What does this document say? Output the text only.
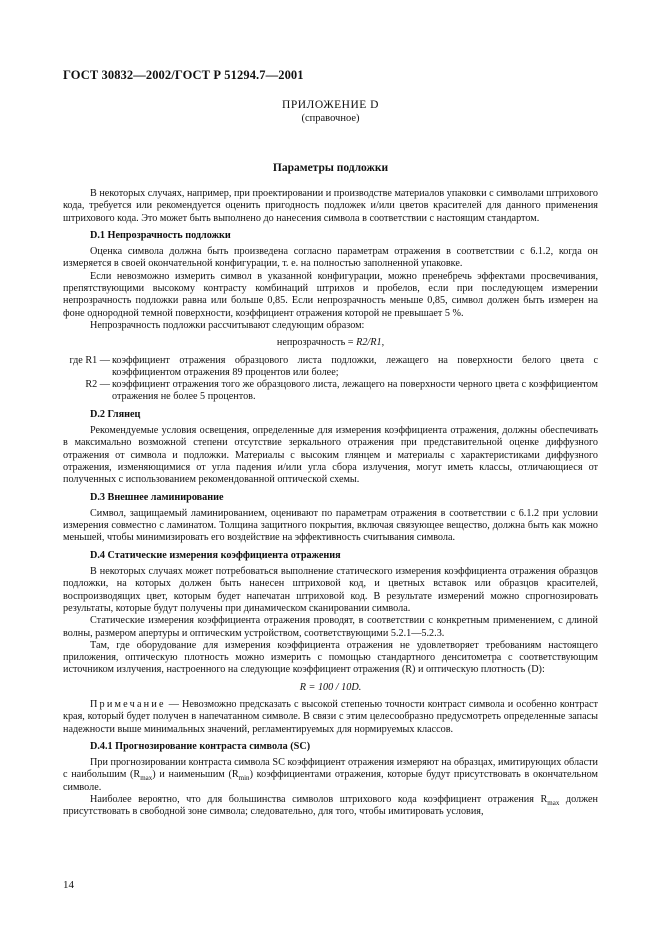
ГОСТ 30832—2002/ГОСТ Р 51294.7—2001
ПРИЛОЖЕНИЕ D
(справочное)
Параметры подложки

В некоторых случаях, например, при проектировании и производстве материалов упаковки с символами штрихового кода, требуется или рекомендуется оценить пригодность подложек и/или цветов красителей для данного применения штрихового кода. Это может быть выполнено до нанесения символа в соответствии с настоящим стандартом.

D.1 Непрозрачность подложки

Оценка символа должна быть произведена согласно параметрам отражения в соответствии с 6.1.2, когда он измеряется в своей окончательной конфигурации, т. е. на полностью заполненной упаковке.

Если невозможно измерить символ в указанной конфигурации, можно пренебречь эффектами просвечивания, препятствующими высокому контрасту комбинаций штрихов и пробелов, если при последующем измерении непрозрачность подложки равна или больше 0,85. Если непрозрачность меньше 0,85, символ должен быть измерен на фоне однородной темной поверхности, коэффициент отражения которой не превышает 5 %.

Непрозрачность подложки рассчитывают следующим образом:

непрозрачность = R2/R1,
где R1 — коэффициент отражения образцового листа подложки, лежащего на поверхности белого цвета с коэффициентом отражения 89 процентов или более;
R2 — коэффициент отражения того же образцового листа, лежащего на поверхности черного цвета с коэффициентом отражения не более 5 процентов.
D.2 Глянец

Рекомендуемые условия освещения, определенные для измерения коэффициента отражения, должны обеспечивать в максимально возможной степени отсутствие зеркального отражения при представительной оценке диффузного отражения от символа и подложки. Материалы с высоким глянцем и материалы с характеристиками диффузного отражения, изменяющимися от угла падения и/или угла сбора излучения, могут иметь классы, отличающиеся от полученных с использованием рекомендованной оптической схемы.

D.3 Внешнее ламинирование

Символ, защищаемый ламинированием, оценивают по параметрам отражения в соответствии с 6.1.2 при условии измерения совместно с ламинатом. Толщина защитного покрытия, включая связующее вещество, должна быть как можно меньшей, чтобы минимизировать его воздействие на эффективность считывания символа.

D.4 Статические измерения коэффициента отражения

В некоторых случаях может потребоваться выполнение статического измерения коэффициента отражения образцов подложки, на которых должен быть нанесен штриховой код, и цветных вставок или образцов красителей, воспроизводящих цвет, которым будет напечатан штриховой код. В результате измерений можно спрогнозировать результаты, которые будут получены при динамическом сканировании символа.

Статические измерения коэффициента отражения проводят, в соответствии с конкретным применением, с длиной волны, размером апертуры и оптическим устройством, соответствующими 5.2.1—5.2.3.

Там, где оборудование для измерения коэффициента отражения не удовлетворяет требованиям настоящего приложения, оптическую плотность можно измерить с помощью стандартного денситометра с соответствующим источником излучения, настроенного на следующие коэффициент отражения (R) и оптическую плотность (D):

R = 100 / 10D.

Примечание — Невозможно предсказать с высокой степенью точности контраст символа и особенно контраст края, который будет получен в напечатанном символе. В связи с этим целесообразно предусмотреть определенные запасы надежности выше минимальных значений, регламентируемых для нормируемых классов.

D.4.1 Прогнозирование контраста символа (SC)

При прогнозировании контраста символа SC коэффициент отражения измеряют на образцах, имитирующих области с наибольшим $(R_{max})$ и наименьшим $(R_{min})$ коэффициентами отражения, которые будут присутствовать в окончательном символе.

Наиболее вероятно, что для большинства символов штрихового кода коэффициент отражения $R_{max}$ должен присутствовать в свободной зоне символа; следовательно, для того, чтобы имитировать условия,

14
